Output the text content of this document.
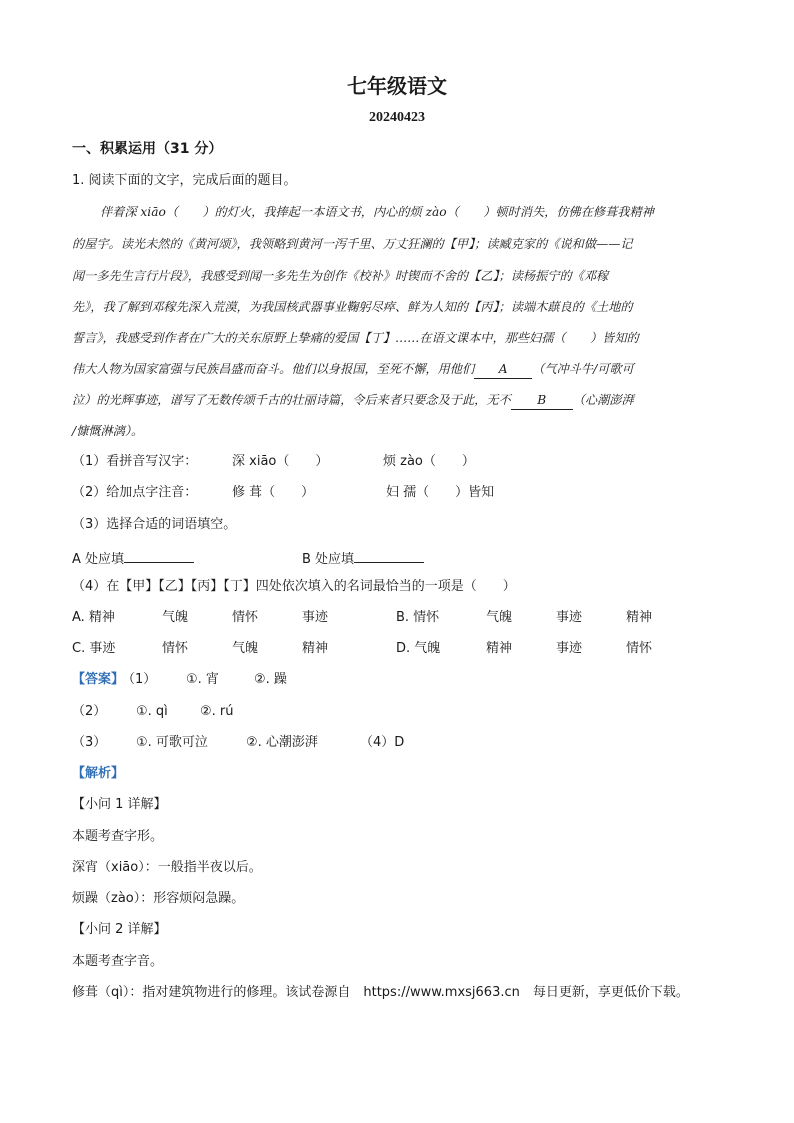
七年级语文
20240423
一、积累运用（31 分）
1. 阅读下面的文字，完成后面的题目。
伴着深 xiāo（　　）的灯火，我捧起一本语文书，内心的烦 zào（　　）顿时消失，仿佛在修葺我精神
的屋宇。读光未然的《黄河颂》，我领略到黄河一泻千里、万丈狂澜的【甲】；读臧克家的《说和做——记
闻一多先生言行片段》，我感受到闻一多先生为创作《校补》时锲而不舍的【乙】；读杨振宁的《邓稼
先》，我了解到邓稼先深入荒漠，为我国核武器事业鞠躬尽瘁、鲜为人知的【丙】；读端木蕻良的《土地的
誓言》，我感受到作者在广大的关东原野上挚痛的爱国【丁】……在语文课本中，那些妇孺（　　）皆知的
伟大人物为国家富强与民族昌盛而奋斗。他们以身报国，至死不懈，用他们 A （气冲斗牛/可歌可
泣）的光辉事迹，谱写了无数传颂千古的壮丽诗篇，令后来者只要念及于此，无不 B （心潮澎湃
/慷慨淋漓）。
（1）看拼音写汉字：	深 xiāo（　　）	烦 zào（　　）
（2）给加点字注音：	修 葺（　　）	妇 孺（　　）皆知
（3）选择合适的词语填空。
A 处应填	B 处应填
（4）在【甲】【乙】【丙】【丁】四处依次填入的名词最恰当的一项是（　　）
A. 精神	气魄	情怀	事迹	B. 情怀	气魄	事迹	精神
C. 事迹	情怀	气魄	精神	D. 气魄	精神	事迹	情怀
【答案】
（1） ①. 宵	②. 躁
（2） ①. qì ②. rú
（3） ①. 可歌可泣	②. 心潮澎湃	（4）D
【解析】
【小问 1 详解】
本题考查字形。
深宵（xiāo）：一般指半夜以后。
烦躁（zào）：形容烦闷急躁。
【小问 2 详解】
本题考查字音。
修葺（qì）：指对建筑物进行的修理。该试卷源自　https://www.mxsj663.cn　每日更新，享更低价下载。
